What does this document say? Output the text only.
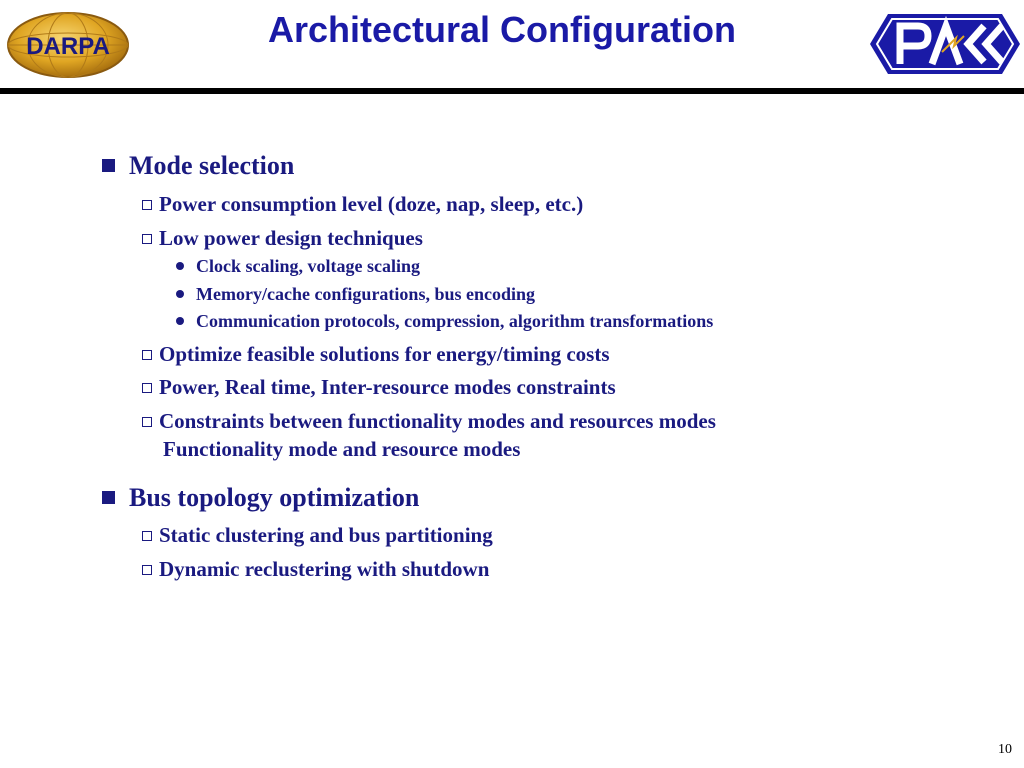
DARPA	Architectural Configuration	PACC
Mode selection
Power consumption level (doze, nap, sleep, etc.)
Low power design techniques
Clock scaling, voltage scaling
Memory/cache configurations, bus encoding
Communication protocols, compression, algorithm transformations
Optimize feasible solutions for energy/timing costs
Power, Real time, Inter-resource modes constraints
Constraints between functionality modes and resources modes
Functionality mode and resource modes
Bus topology optimization
Static clustering and bus partitioning
Dynamic reclustering with shutdown
10
